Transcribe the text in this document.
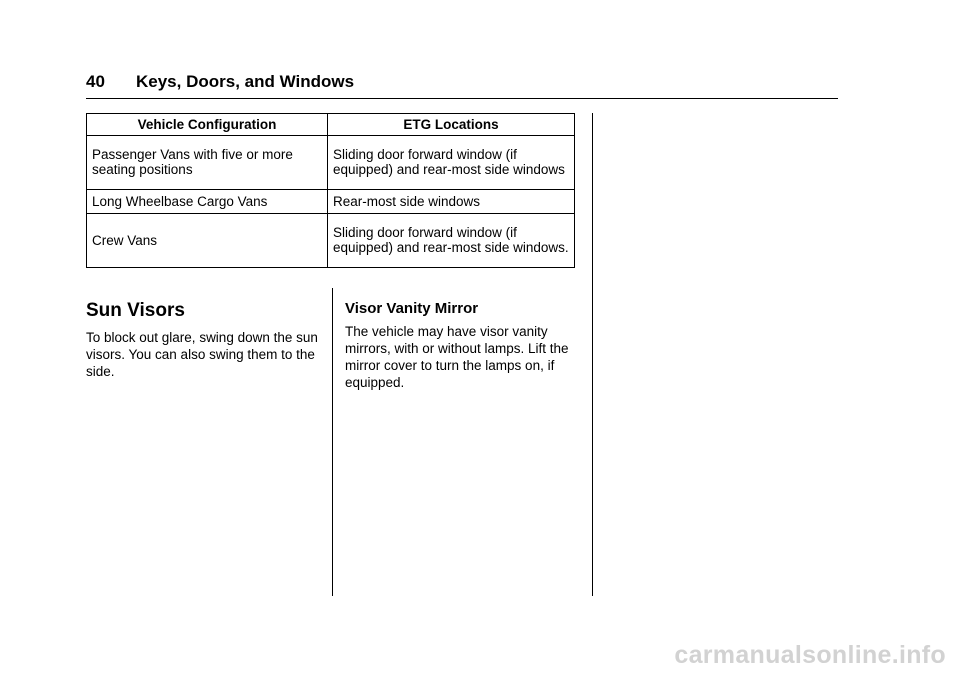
40 Keys, Doors, and Windows
Vehicle Configuration	ETG Locations
Passenger Vans with five or more seating positions	Sliding door forward window (if equipped) and rear-most side windows
Long Wheelbase Cargo Vans	Rear-most side windows
Crew Vans	Sliding door forward window (if equipped) and rear-most side windows.
Sun Visors

To block out glare, swing down the sun visors. You can also swing them to the side.

Visor Vanity Mirror

The vehicle may have visor vanity mirrors, with or without lamps. Lift the mirror cover to turn the lamps on, if equipped.

carmanualsonline.info
